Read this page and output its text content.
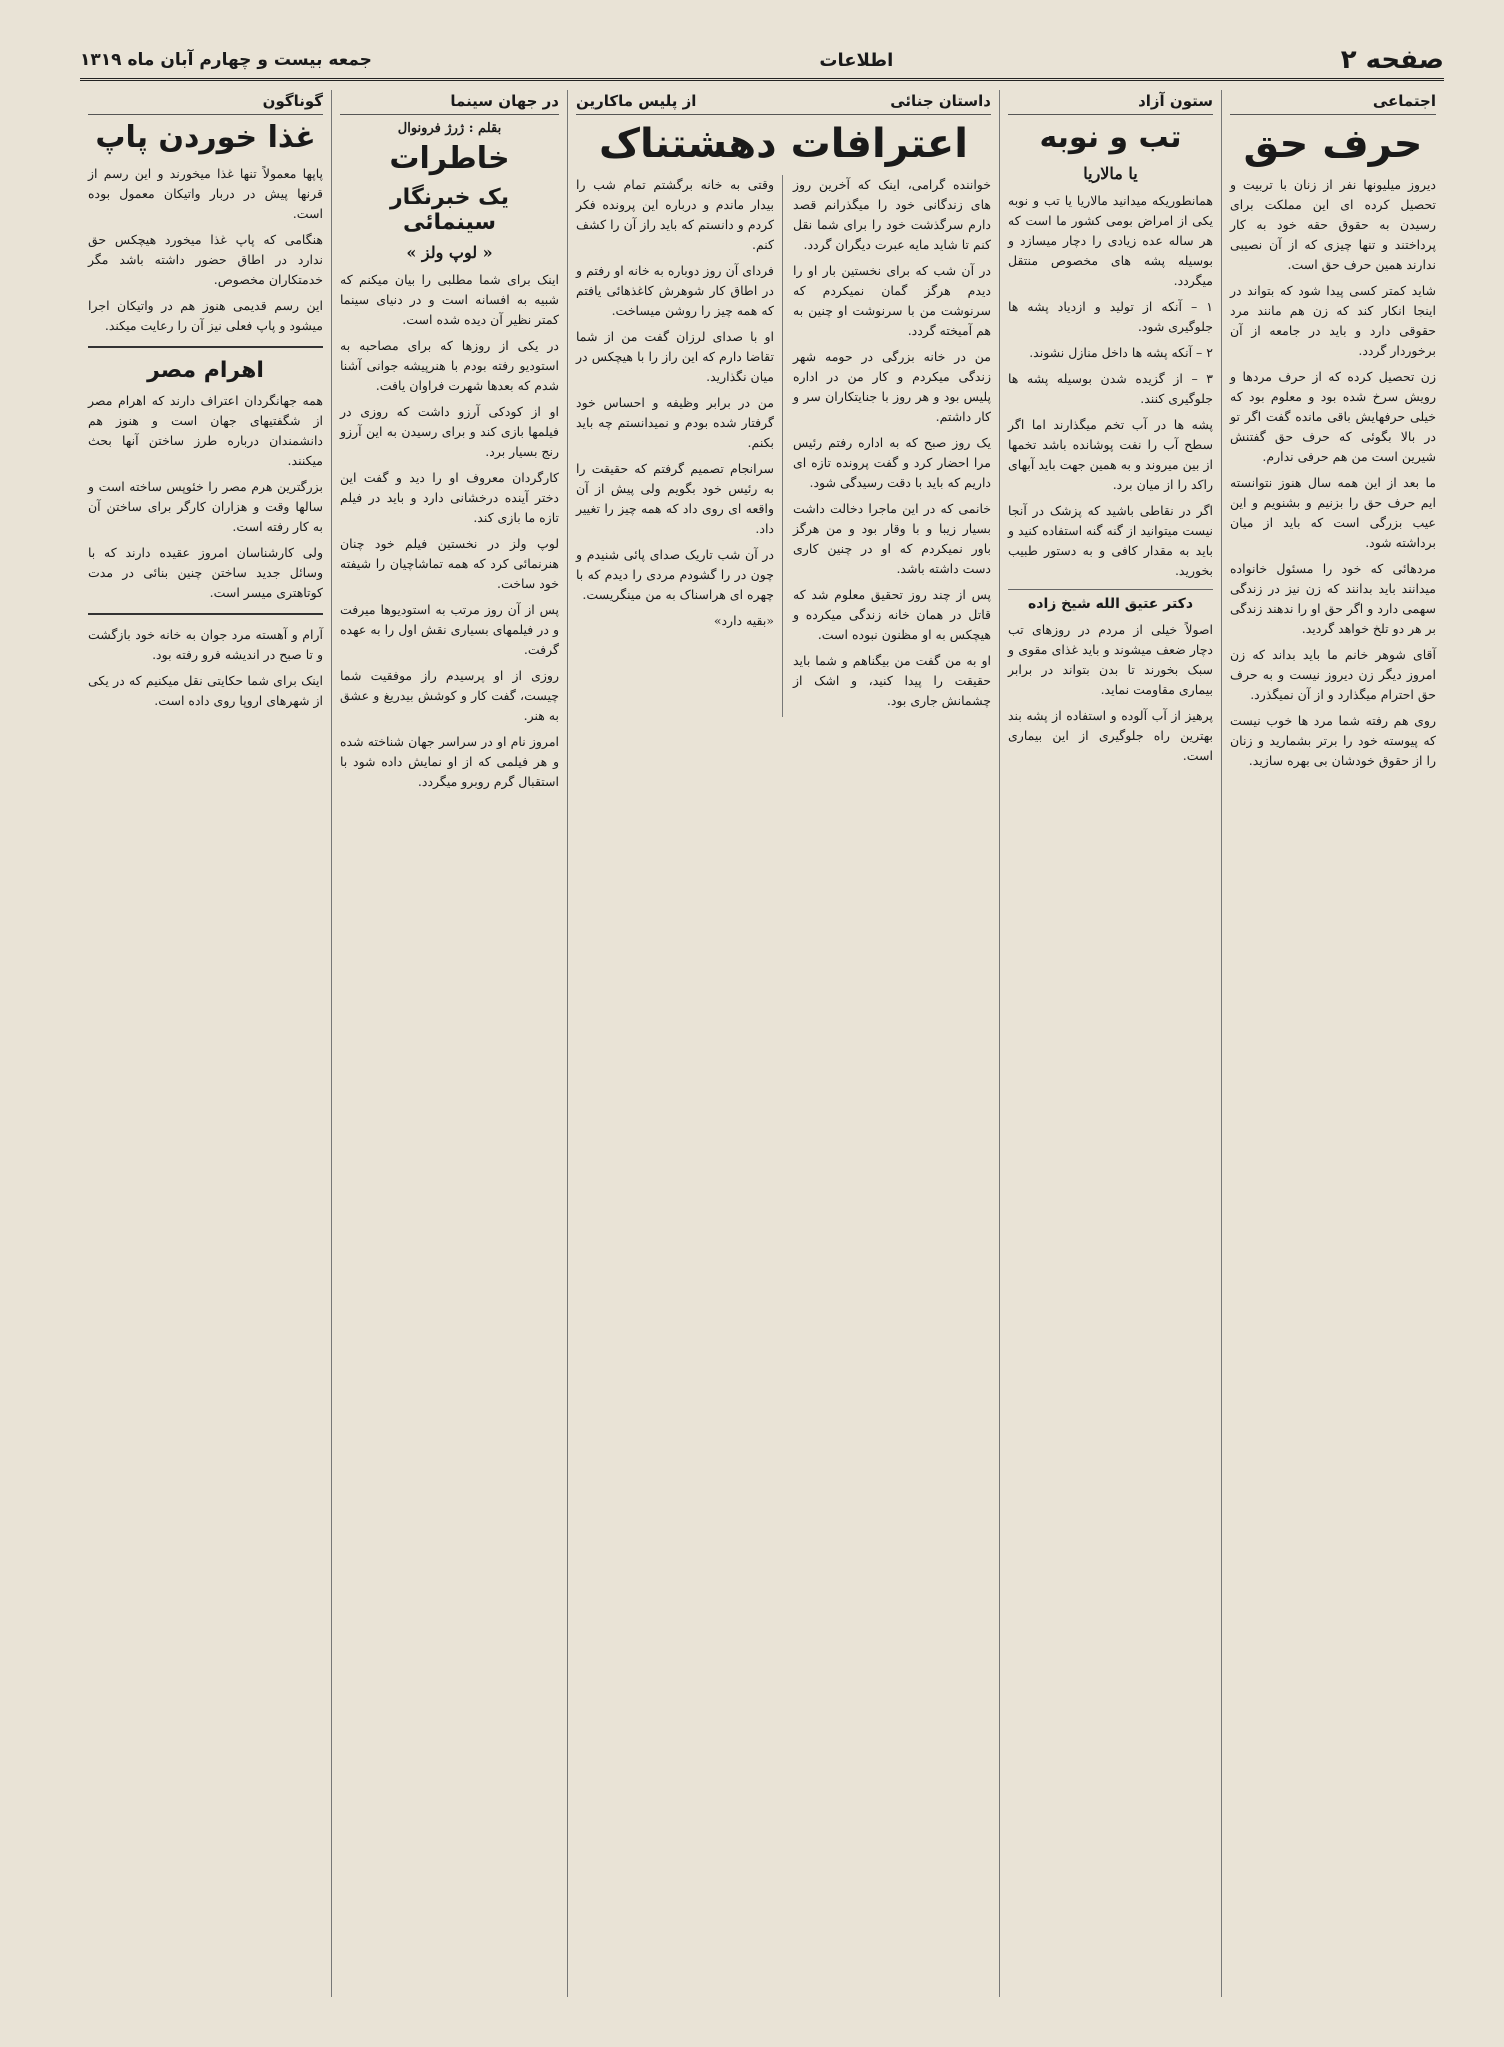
صفحه ۲
اطلاعات
جمعه بیست و چهارم آبان ماه ۱۳۱۹
اجتماعی
حرف حق

دیروز میلیونها نفر از زنان با تربیت و تحصیل کرده ای این مملکت برای رسیدن به حقوق حقه خود به کار پرداختند و تنها چیزی که از آن نصیبی ندارند همین حرف حق است.

شاید کمتر کسی پیدا شود که بتواند در اینجا انکار کند که زن هم مانند مرد حقوقی دارد و باید در جامعه از آن برخوردار گردد.

زن تحصیل کرده که از حرف مردها و رویش سرخ شده بود و معلوم بود که خیلی حرفهایش باقی مانده گفت اگر تو در بالا بگوئی که حرف حق گفتنش شیرین است من هم حرفی ندارم.

ما بعد از این همه سال هنوز نتوانسته ایم حرف حق را بزنیم و بشنویم و این عیب بزرگی است که باید از میان برداشته شود.

مردهائی که خود را مسئول خانواده میدانند باید بدانند که زن نیز در زندگی سهمی دارد و اگر حق او را ندهند زندگی بر هر دو تلخ خواهد گردید.

آقای شوهر خانم ما باید بداند که زن امروز دیگر زن دیروز نیست و به حرف حق احترام میگذارد و از آن نمیگذرد.

روی هم رفته شما مرد ها خوب نیست که پیوسته خود را برتر بشمارید و زنان را از حقوق خودشان بی بهره سازید.

ستون آزاد
تب و نوبه
یا مالاریا

همانطوریکه میدانید مالاریا یا تب و نوبه یکی از امراض بومی کشور ما است که هر ساله عده زیادی را دچار میسازد و بوسیله پشه های مخصوص منتقل میگردد.

۱ – آنکه از تولید و ازدیاد پشه ها جلوگیری شود.

۲ – آنکه پشه ها داخل منازل نشوند.

۳ – از گزیده شدن بوسیله پشه ها جلوگیری کنند.

پشه ها در آب تخم میگذارند اما اگر سطح آب را نفت پوشانده باشد تخمها از بین میروند و به همین جهت باید آبهای راکد را از میان برد.

اگر در نقاطی باشید که پزشک در آنجا نیست میتوانید از گنه گنه استفاده کنید و باید به مقدار کافی و به دستور طبیب بخورید.

دکتر عتیق الله شیخ زاده

اصولاً خیلی از مردم در روزهای تب دچار ضعف میشوند و باید غذای مقوی و سبک بخورند تا بدن بتواند در برابر بیماری مقاومت نماید.

پرهیز از آب آلوده و استفاده از پشه بند بهترین راه جلوگیری از این بیماری است.

داستان جنائی
از پلیس ماکارین
اعترافات دهشتناک

خواننده گرامی، اینک که آخرین روز های زندگانی خود را میگذرانم قصد دارم سرگذشت خود را برای شما نقل کنم تا شاید مایه عبرت دیگران گردد.

در آن شب که برای نخستین بار او را دیدم هرگز گمان نمیکردم که سرنوشت من با سرنوشت او چنین به هم آمیخته گردد.

من در خانه بزرگی در حومه شهر زندگی میکردم و کار من در اداره پلیس بود و هر روز با جنایتکاران سر و کار داشتم.

یک روز صبح که به اداره رفتم رئیس مرا احضار کرد و گفت پرونده تازه ای داریم که باید با دقت رسیدگی شود.

خانمی که در این ماجرا دخالت داشت بسیار زیبا و با وقار بود و من هرگز باور نمیکردم که او در چنین کاری دست داشته باشد.

پس از چند روز تحقیق معلوم شد که قاتل در همان خانه زندگی میکرده و هیچکس به او مظنون نبوده است.

او به من گفت من بیگناهم و شما باید حقیقت را پیدا کنید، و اشک از چشمانش جاری بود.

وقتی به خانه برگشتم تمام شب را بیدار ماندم و درباره این پرونده فکر کردم و دانستم که باید راز آن را کشف کنم.

فردای آن روز دوباره به خانه او رفتم و در اطاق کار شوهرش کاغذهائی یافتم که همه چیز را روشن میساخت.

او با صدای لرزان گفت من از شما تقاضا دارم که این راز را با هیچکس در میان نگذارید.

من در برابر وظیفه و احساس خود گرفتار شده بودم و نمیدانستم چه باید بکنم.

سرانجام تصمیم گرفتم که حقیقت را به رئیس خود بگویم ولی پیش از آن واقعه ای روی داد که همه چیز را تغییر داد.

در آن شب تاریک صدای پائی شنیدم و چون در را گشودم مردی را دیدم که با چهره ای هراسناک به من مینگریست.

«بقیه دارد»

در جهان سینما
بقلم : ژرژ فرونوال
خاطرات
یک خبرنگار سینمائی
« لوپ ولز »

اینک برای شما مطلبی را بیان میکنم که شبیه به افسانه است و در دنیای سینما کمتر نظیر آن دیده شده است.

در یکی از روزها که برای مصاحبه به استودیو رفته بودم با هنرپیشه جوانی آشنا شدم که بعدها شهرت فراوان یافت.

او از کودکی آرزو داشت که روزی در فیلمها بازی کند و برای رسیدن به این آرزو رنج بسیار برد.

کارگردان معروف او را دید و گفت این دختر آینده درخشانی دارد و باید در فیلم تازه ما بازی کند.

لوپ ولز در نخستین فیلم خود چنان هنرنمائی کرد که همه تماشاچیان را شیفته خود ساخت.

پس از آن روز مرتب به استودیوها میرفت و در فیلمهای بسیاری نقش اول را به عهده گرفت.

روزی از او پرسیدم راز موفقیت شما چیست، گفت کار و کوشش بیدریغ و عشق به هنر.

امروز نام او در سراسر جهان شناخته شده و هر فیلمی که از او نمایش داده شود با استقبال گرم روبرو میگردد.

گوناگون
غذا خوردن پاپ

پاپها معمولاً تنها غذا میخورند و این رسم از قرنها پیش در دربار واتیکان معمول بوده است.

هنگامی که پاپ غذا میخورد هیچکس حق ندارد در اطاق حضور داشته باشد مگر خدمتکاران مخصوص.

این رسم قدیمی هنوز هم در واتیکان اجرا میشود و پاپ فعلی نیز آن را رعایت میکند.

اهرام مصر

همه جهانگردان اعتراف دارند که اهرام مصر از شگفتیهای جهان است و هنوز هم دانشمندان درباره طرز ساختن آنها بحث میکنند.

بزرگترین هرم مصر را خئوپس ساخته است و سالها وقت و هزاران کارگر برای ساختن آن به کار رفته است.

ولی کارشناسان امروز عقیده دارند که با وسائل جدید ساختن چنین بنائی در مدت کوتاهتری میسر است.

آرام و آهسته مرد جوان به خانه خود بازگشت و تا صبح در اندیشه فرو رفته بود.

اینک برای شما حکایتی نقل میکنیم که در یکی از شهرهای اروپا روی داده است.
